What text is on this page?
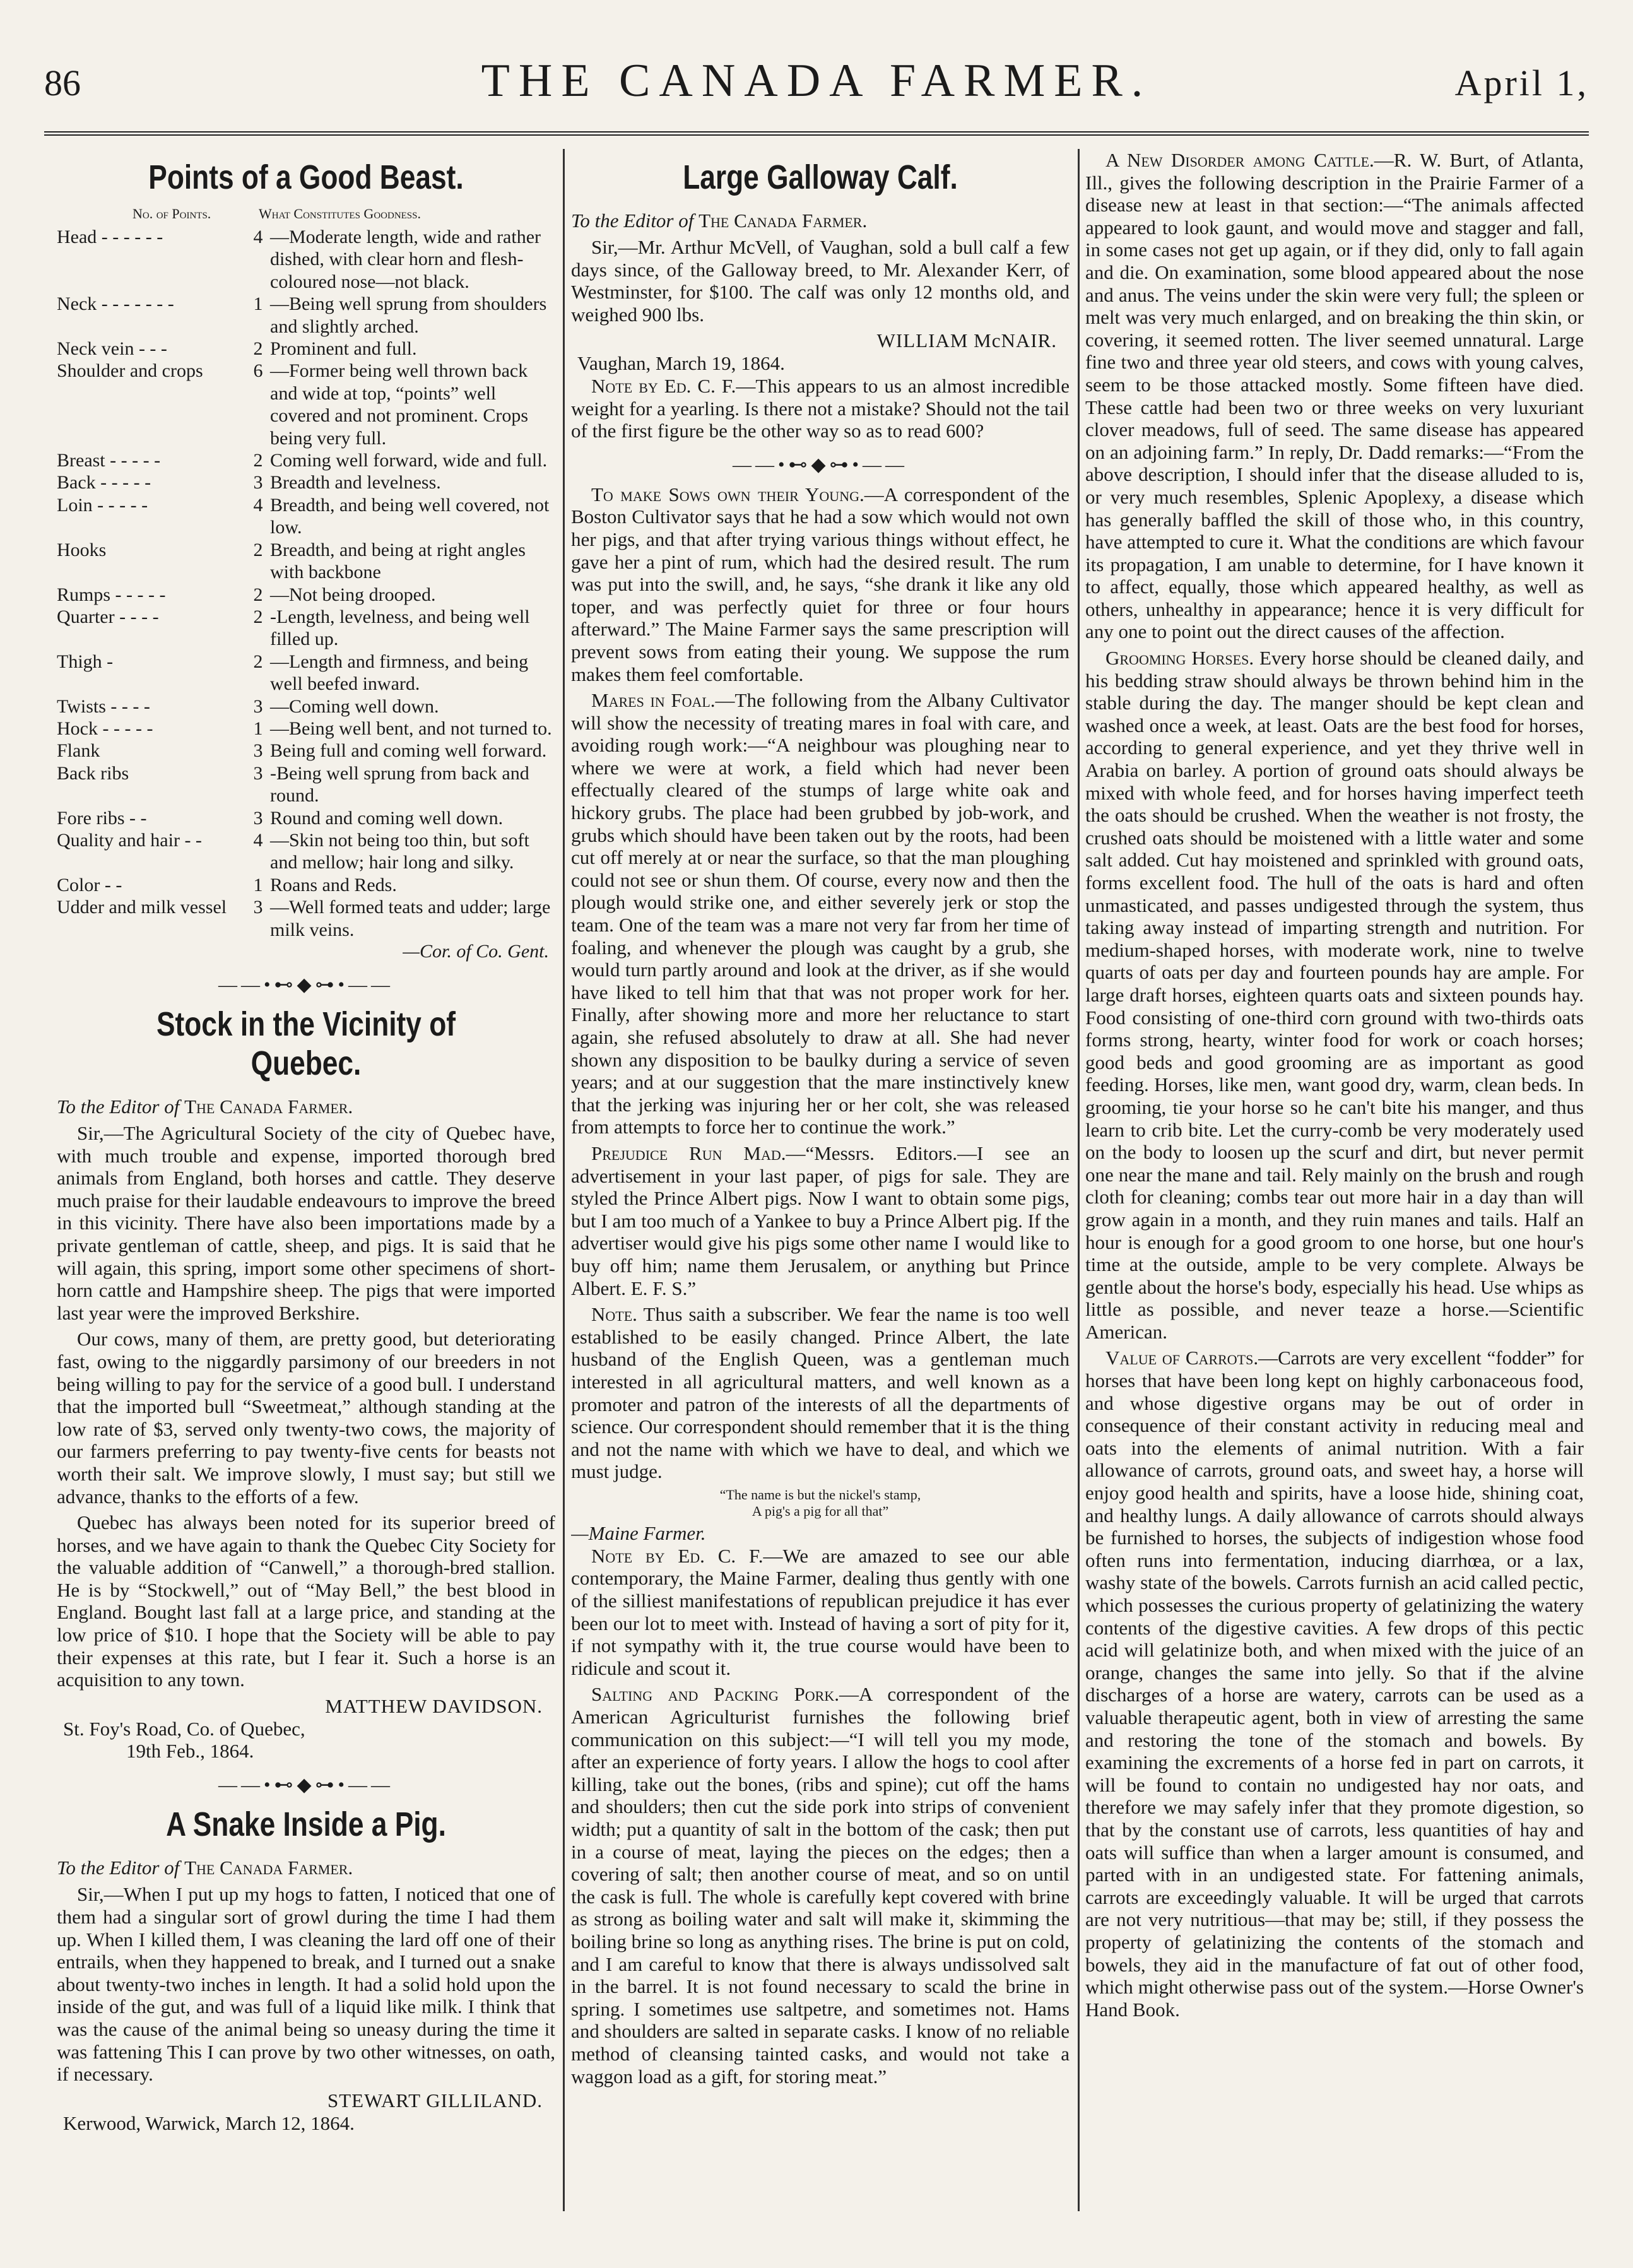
86	THE CANADA FARMER.	April 1,
Points of a Good Beast.
No. of Points.	What Constitutes Goodness.
Head - - - - - -	4 —Moderate length, wide and rather dished, with clear horn and flesh-coloured nose—not black.
Neck - - - - - - -	1 —Being well sprung from shoulders and slightly arched.
Neck vein - - -	2 Prominent and full.
Shoulder and crops	6 —Former being well thrown back and wide at top, “points” well covered and not prominent. Crops being very full.
Breast - - - - -	2 Coming well forward, wide and full.
Back - - - - -	3 Breadth and levelness.
Loin - - - - -	4 Breadth, and being well covered, not low.
Hooks	2 Breadth, and being at right angles with backbone
Rumps - - - - -	2 —Not being drooped.
Quarter - - - -	2 -Length, levelness, and being well filled up.
Thigh -	2 —Length and firmness, and being well beefed inward.
Twists - - - -	3 —Coming well down.
Hock - - - - -	1 —Being well bent, and not turned to.
Flank	3 Being full and coming well forward.
Back ribs	3 -Being well sprung from back and round.
Fore ribs - -	3 Round and coming well down.
Quality and hair - -	4 —Skin not being too thin, but soft and mellow; hair long and silky.
Color - -	1 Roans and Reds.
Udder and milk vessel	3 —Well formed teats and udder; large milk veins.
—Cor. of Co. Gent.
——•⊷◆⊶•——
Stock in the Vicinity of Quebec.
To the Editor of The Canada Farmer.

Sir,—The Agricultural Society of the city of Quebec have, with much trouble and expense, imported thorough bred animals from England, both horses and cattle. They deserve much praise for their laudable endeavours to improve the breed in this vicinity. There have also been importations made by a private gentleman of cattle, sheep, and pigs. It is said that he will again, this spring, import some other specimens of short-horn cattle and Hampshire sheep. The pigs that were imported last year were the improved Berkshire.

Our cows, many of them, are pretty good, but deteriorating fast, owing to the niggardly parsimony of our breeders in not being willing to pay for the service of a good bull. I understand that the imported bull “Sweetmeat,” although standing at the low rate of $3, served only twenty-two cows, the majority of our farmers preferring to pay twenty-five cents for beasts not worth their salt. We improve slowly, I must say; but still we advance, thanks to the efforts of a few.

Quebec has always been noted for its superior breed of horses, and we have again to thank the Quebec City Society for the valuable addition of “Canwell,” a thorough-bred stallion. He is by “Stockwell,” out of “May Bell,” the best blood in England. Bought last fall at a large price, and standing at the low price of $10. I hope that the Society will be able to pay their expenses at this rate, but I fear it. Such a horse is an acquisition to any town.

MATTHEW DAVIDSON.
St. Foy's Road, Co. of Quebec,
19th Feb., 1864.
——•⊷◆⊶•——
A Snake Inside a Pig.
To the Editor of The Canada Farmer.

Sir,—When I put up my hogs to fatten, I noticed that one of them had a singular sort of growl during the time I had them up. When I killed them, I was cleaning the lard off one of their entrails, when they happened to break, and I turned out a snake about twenty-two inches in length. It had a solid hold upon the inside of the gut, and was full of a liquid like milk. I think that was the cause of the animal being so uneasy during the time it was fattening This I can prove by two other witnesses, on oath, if necessary.

STEWART GILLILAND.
Kerwood, Warwick, March 12, 1864.
Large Galloway Calf.
To the Editor of The Canada Farmer.

Sir,—Mr. Arthur McVell, of Vaughan, sold a bull calf a few days since, of the Galloway breed, to Mr. Alexander Kerr, of Westminster, for $100. The calf was only 12 months old, and weighed 900 lbs.

WILLIAM McNAIR.
Vaughan, March 19, 1864.

Note by Ed. C. F.—This appears to us an almost incredible weight for a yearling. Is there not a mistake? Should not the tail of the first figure be the other way so as to read 600?

——•⊷◆⊶•——

To make Sows own their Young.—A correspondent of the Boston Cultivator says that he had a sow which would not own her pigs, and that after trying various things without effect, he gave her a pint of rum, which had the desired result. The rum was put into the swill, and, he says, “she drank it like any old toper, and was perfectly quiet for three or four hours afterward.” The Maine Farmer says the same prescription will prevent sows from eating their young. We suppose the rum makes them feel comfortable.

Mares in Foal.—The following from the Albany Cultivator will show the necessity of treating mares in foal with care, and avoiding rough work:—“A neighbour was ploughing near to where we were at work, a field which had never been effectually cleared of the stumps of large white oak and hickory grubs. The place had been grubbed by job-work, and grubs which should have been taken out by the roots, had been cut off merely at or near the surface, so that the man ploughing could not see or shun them. Of course, every now and then the plough would strike one, and either severely jerk or stop the team. One of the team was a mare not very far from her time of foaling, and whenever the plough was caught by a grub, she would turn partly around and look at the driver, as if she would have liked to tell him that that was not proper work for her. Finally, after showing more and more her reluctance to start again, she refused absolutely to draw at all. She had never shown any disposition to be baulky during a service of seven years; and at our suggestion that the mare instinctively knew that the jerking was injuring her or her colt, she was released from attempts to force her to continue the work.”

Prejudice Run Mad.—“Messrs. Editors.—I see an advertisement in your last paper, of pigs for sale. They are styled the Prince Albert pigs. Now I want to obtain some pigs, but I am too much of a Yankee to buy a Prince Albert pig. If the advertiser would give his pigs some other name I would like to buy off him; name them Jerusalem, or anything but Prince Albert. E. F. S.”

Note. Thus saith a subscriber. We fear the name is too well established to be easily changed. Prince Albert, the late husband of the English Queen, was a gentleman much interested in all agricultural matters, and well known as a promoter and patron of the interests of all the departments of science. Our correspondent should remember that it is the thing and not the name with which we have to deal, and which we must judge.

“The name is but the nickel's stamp,
A pig's a pig for all that”
—Maine Farmer.

Note by Ed. C. F.—We are amazed to see our able contemporary, the Maine Farmer, dealing thus gently with one of the silliest manifestations of republican prejudice it has ever been our lot to meet with. Instead of having a sort of pity for it, if not sympathy with it, the true course would have been to ridicule and scout it.

Salting and Packing Pork.—A correspondent of the American Agriculturist furnishes the following brief communication on this subject:—“I will tell you my mode, after an experience of forty years. I allow the hogs to cool after killing, take out the bones, (ribs and spine); cut off the hams and shoulders; then cut the side pork into strips of convenient width; put a quantity of salt in the bottom of the cask; then put in a course of meat, laying the pieces on the edges; then a covering of salt; then another course of meat, and so on until the cask is full. The whole is carefully kept covered with brine as strong as boiling water and salt will make it, skimming the boiling brine so long as anything rises. The brine is put on cold, and I am careful to know that there is always undissolved salt in the barrel. It is not found necessary to scald the brine in spring. I sometimes use saltpetre, and sometimes not. Hams and shoulders are salted in separate casks. I know of no reliable method of cleansing tainted casks, and would not take a waggon load as a gift, for storing meat.”

A New Disorder among Cattle.—R. W. Burt, of Atlanta, Ill., gives the following description in the Prairie Farmer of a disease new at least in that section:—“The animals affected appeared to look gaunt, and would move and stagger and fall, in some cases not get up again, or if they did, only to fall again and die. On examination, some blood appeared about the nose and anus. The veins under the skin were very full; the spleen or melt was very much enlarged, and on breaking the thin skin, or covering, it seemed rotten. The liver seemed unnatural. Large fine two and three year old steers, and cows with young calves, seem to be those attacked mostly. Some fifteen have died. These cattle had been two or three weeks on very luxuriant clover meadows, full of seed. The same disease has appeared on an adjoining farm.” In reply, Dr. Dadd remarks:—“From the above description, I should infer that the disease alluded to is, or very much resembles, Splenic Apoplexy, a disease which has generally baffled the skill of those who, in this country, have attempted to cure it. What the conditions are which favour its propagation, I am unable to determine, for I have known it to affect, equally, those which appeared healthy, as well as others, unhealthy in appearance; hence it is very difficult for any one to point out the direct causes of the affection.

Grooming Horses. Every horse should be cleaned daily, and his bedding straw should always be thrown behind him in the stable during the day. The manger should be kept clean and washed once a week, at least. Oats are the best food for horses, according to general experience, and yet they thrive well in Arabia on barley. A portion of ground oats should always be mixed with whole feed, and for horses having imperfect teeth the oats should be crushed. When the weather is not frosty, the crushed oats should be moistened with a little water and some salt added. Cut hay moistened and sprinkled with ground oats, forms excellent food. The hull of the oats is hard and often unmasticated, and passes undigested through the system, thus taking away instead of imparting strength and nutrition. For medium-shaped horses, with moderate work, nine to twelve quarts of oats per day and fourteen pounds hay are ample. For large draft horses, eighteen quarts oats and sixteen pounds hay. Food consisting of one-third corn ground with two-thirds oats forms strong, hearty, winter food for work or coach horses; good beds and good grooming are as important as good feeding. Horses, like men, want good dry, warm, clean beds. In grooming, tie your horse so he can't bite his manger, and thus learn to crib bite. Let the curry-comb be very moderately used on the body to loosen up the scurf and dirt, but never permit one near the mane and tail. Rely mainly on the brush and rough cloth for cleaning; combs tear out more hair in a day than will grow again in a month, and they ruin manes and tails. Half an hour is enough for a good groom to one horse, but one hour's time at the outside, ample to be very complete. Always be gentle about the horse's body, especially his head. Use whips as little as possible, and never teaze a horse.—Scientific American.

Value of Carrots.—Carrots are very excellent “fodder” for horses that have been long kept on highly carbonaceous food, and whose digestive organs may be out of order in consequence of their constant activity in reducing meal and oats into the elements of animal nutrition. With a fair allowance of carrots, ground oats, and sweet hay, a horse will enjoy good health and spirits, have a loose hide, shining coat, and healthy lungs. A daily allowance of carrots should always be furnished to horses, the subjects of indigestion whose food often runs into fermentation, inducing diarrhœa, or a lax, washy state of the bowels. Carrots furnish an acid called pectic, which possesses the curious property of gelatinizing the watery contents of the digestive cavities. A few drops of this pectic acid will gelatinize both, and when mixed with the juice of an orange, changes the same into jelly. So that if the alvine discharges of a horse are watery, carrots can be used as a valuable therapeutic agent, both in view of arresting the same and restoring the tone of the stomach and bowels. By examining the excrements of a horse fed in part on carrots, it will be found to contain no undigested hay nor oats, and therefore we may safely infer that they promote digestion, so that by the constant use of carrots, less quantities of hay and oats will suffice than when a larger amount is consumed, and parted with in an undigested state. For fattening animals, carrots are exceedingly valuable. It will be urged that carrots are not very nutritious—that may be; still, if they possess the property of gelatinizing the contents of the stomach and bowels, they aid in the manufacture of fat out of other food, which might otherwise pass out of the system.—Horse Owner's Hand Book.
